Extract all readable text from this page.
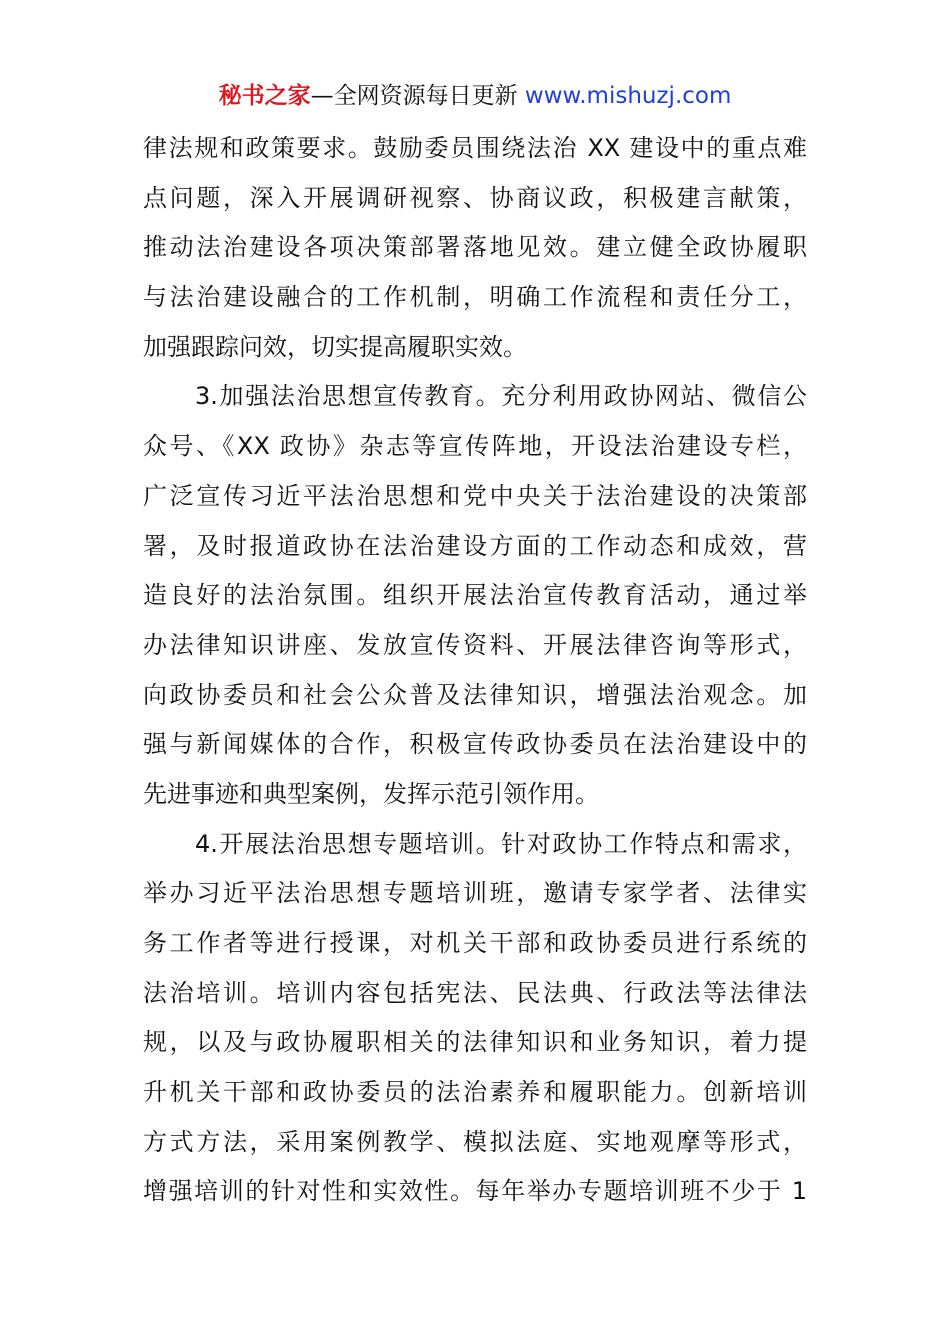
秘书之家—全网资源每日更新 www.mishuzj.com
律法规和政策要求。鼓励委员围绕法治 XX 建设中的重点难
点问题，深入开展调研视察、协商议政，积极建言献策，
推动法治建设各项决策部署落地见效。建立健全政协履职
与法治建设融合的工作机制，明确工作流程和责任分工，
加强跟踪问效，切实提高履职实效。
3.加强法治思想宣传教育。充分利用政协网站、微信公
众号、《XX 政协》杂志等宣传阵地，开设法治建设专栏，
广泛宣传习近平法治思想和党中央关于法治建设的决策部
署，及时报道政协在法治建设方面的工作动态和成效，营
造良好的法治氛围。组织开展法治宣传教育活动，通过举
办法律知识讲座、发放宣传资料、开展法律咨询等形式，
向政协委员和社会公众普及法律知识，增强法治观念。加
强与新闻媒体的合作，积极宣传政协委员在法治建设中的
先进事迹和典型案例，发挥示范引领作用。
4.开展法治思想专题培训。针对政协工作特点和需求，
举办习近平法治思想专题培训班，邀请专家学者、法律实
务工作者等进行授课，对机关干部和政协委员进行系统的
法治培训。培训内容包括宪法、民法典、行政法等法律法
规，以及与政协履职相关的法律知识和业务知识，着力提
升机关干部和政协委员的法治素养和履职能力。创新培训
方式方法，采用案例教学、模拟法庭、实地观摩等形式，
增强培训的针对性和实效性。每年举办专题培训班不少于 1
